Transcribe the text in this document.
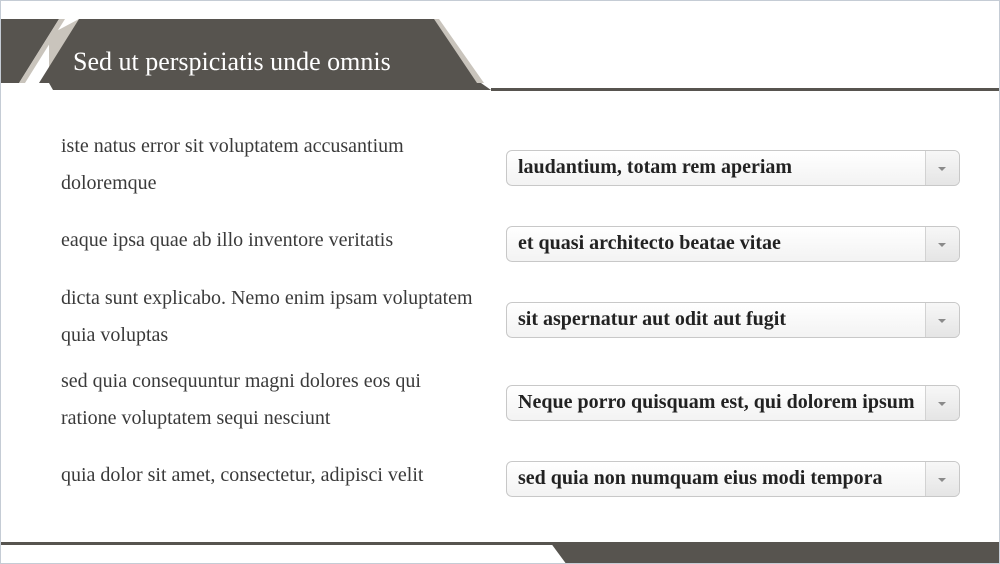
Sed ut perspiciatis unde omnis
iste natus error sit voluptatem accusantium doloremque
laudantium, totam rem aperiam
eaque ipsa quae ab illo inventore veritatis	et quasi architecto beatae vitae
dicta sunt explicabo. Nemo enim ipsam voluptatem quia voluptas
sit aspernatur aut odit aut fugit
sed quia consequuntur magni dolores eos qui ratione voluptatem sequi nesciunt
Neque porro quisquam est, qui dolorem ipsum
quia dolor sit amet, consectetur, adipisci velit	sed quia non numquam eius modi tempora
